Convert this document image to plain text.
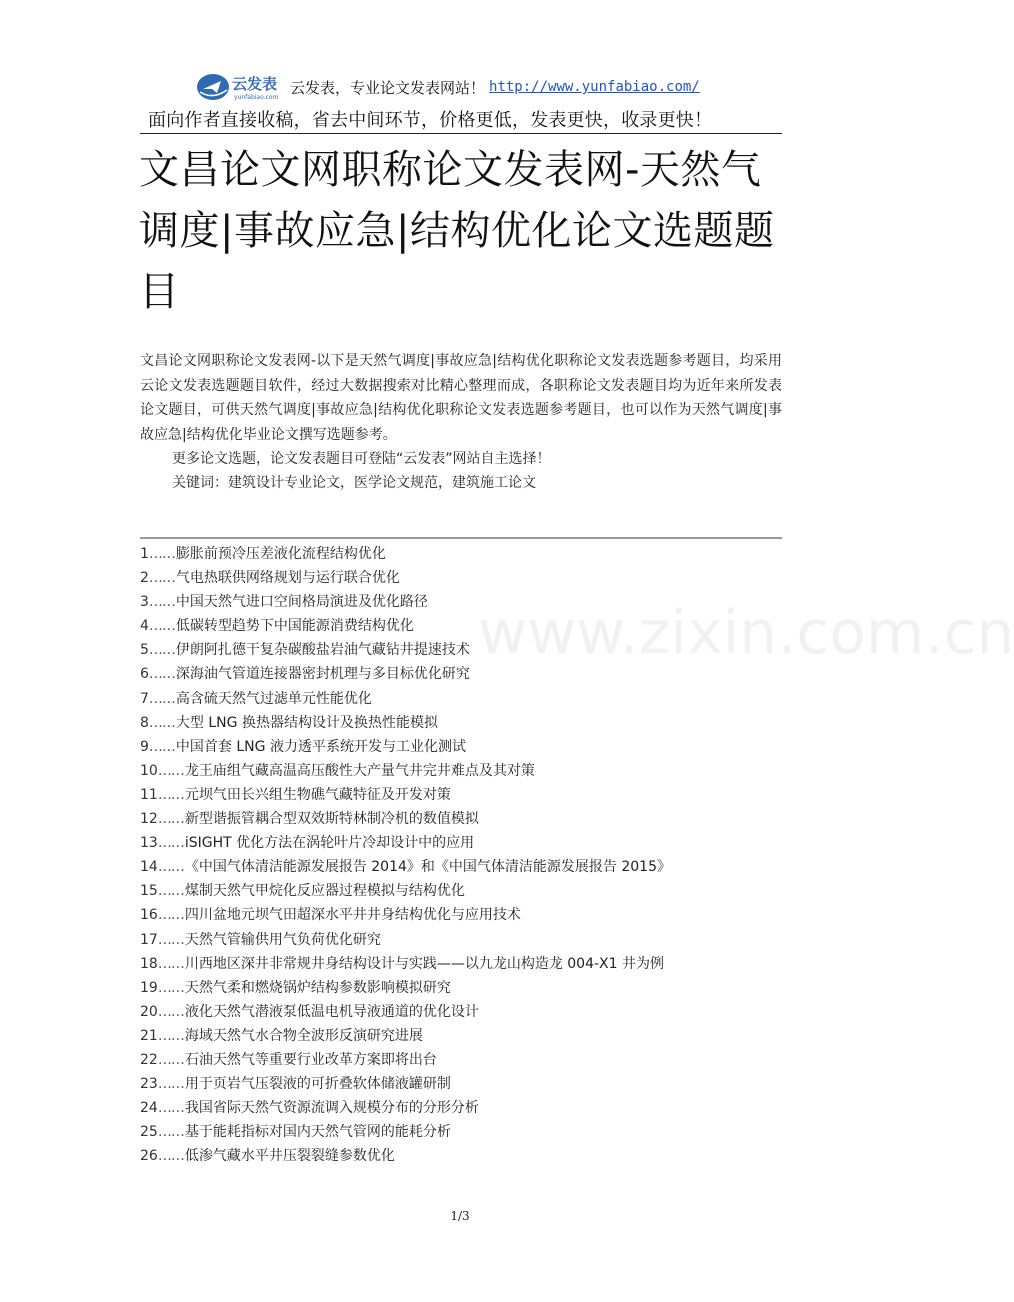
云发表
yunfabiao.com
云发表，专业论文发表网站！ http://www.yunfabiao.com/
面向作者直接收稿，省去中间环节，价格更低，发表更快，收录更快！
文昌论文网职称论文发表网-天然气调度|事故应急|结构优化论文选题题目

文昌论文网职称论文发表网-以下是天然气调度|事故应急|结构优化职称论文发表选题参考题目，均采用云论文发表选题题目软件，经过大数据搜索对比精心整理而成，各职称论文发表题目均为近年来所发表论文题目，可供天然气调度|事故应急|结构优化职称论文发表选题参考题目，也可以作为天然气调度|事故应急|结构优化毕业论文撰写选题参考。

更多论文选题，论文发表题目可登陆“云发表”网站自主选择！
关键词：建筑设计专业论文，医学论文规范，建筑施工论文
www.zixin.com.cn
1……膨胀前预冷压差液化流程结构优化
2……气电热联供网络规划与运行联合优化
3……中国天然气进口空间格局演进及优化路径
4……低碳转型趋势下中国能源消费结构优化
5……伊朗阿扎德干复杂碳酸盐岩油气藏钻井提速技术
6……深海油气管道连接器密封机理与多目标优化研究
7……高含硫天然气过滤单元性能优化
8……大型 LNG 换热器结构设计及换热性能模拟
9……中国首套 LNG 液力透平系统开发与工业化测试
10……龙王庙组气藏高温高压酸性大产量气井完井难点及其对策
11……元坝气田长兴组生物礁气藏特征及开发对策
12……新型谐振管耦合型双效斯特林制冷机的数值模拟
13……iSIGHT 优化方法在涡轮叶片冷却设计中的应用
14……《中国气体清洁能源发展报告 2014》和《中国气体清洁能源发展报告 2015》
15……煤制天然气甲烷化反应器过程模拟与结构优化
16……四川盆地元坝气田超深水平井井身结构优化与应用技术
17……天然气管输供用气负荷优化研究
18……川西地区深井非常规井身结构设计与实践——以九龙山构造龙 004-X1 井为例
19……天然气柔和燃烧锅炉结构参数影响模拟研究
20……液化天然气潜液泵低温电机导液通道的优化设计
21……海域天然气水合物全波形反演研究进展
22……石油天然气等重要行业改革方案即将出台
23……用于页岩气压裂液的可折叠软体储液罐研制
24……我国省际天然气资源流调入规模分布的分形分析
25……基于能耗指标对国内天然气管网的能耗分析
26……低渗气藏水平井压裂裂缝参数优化
1/3
